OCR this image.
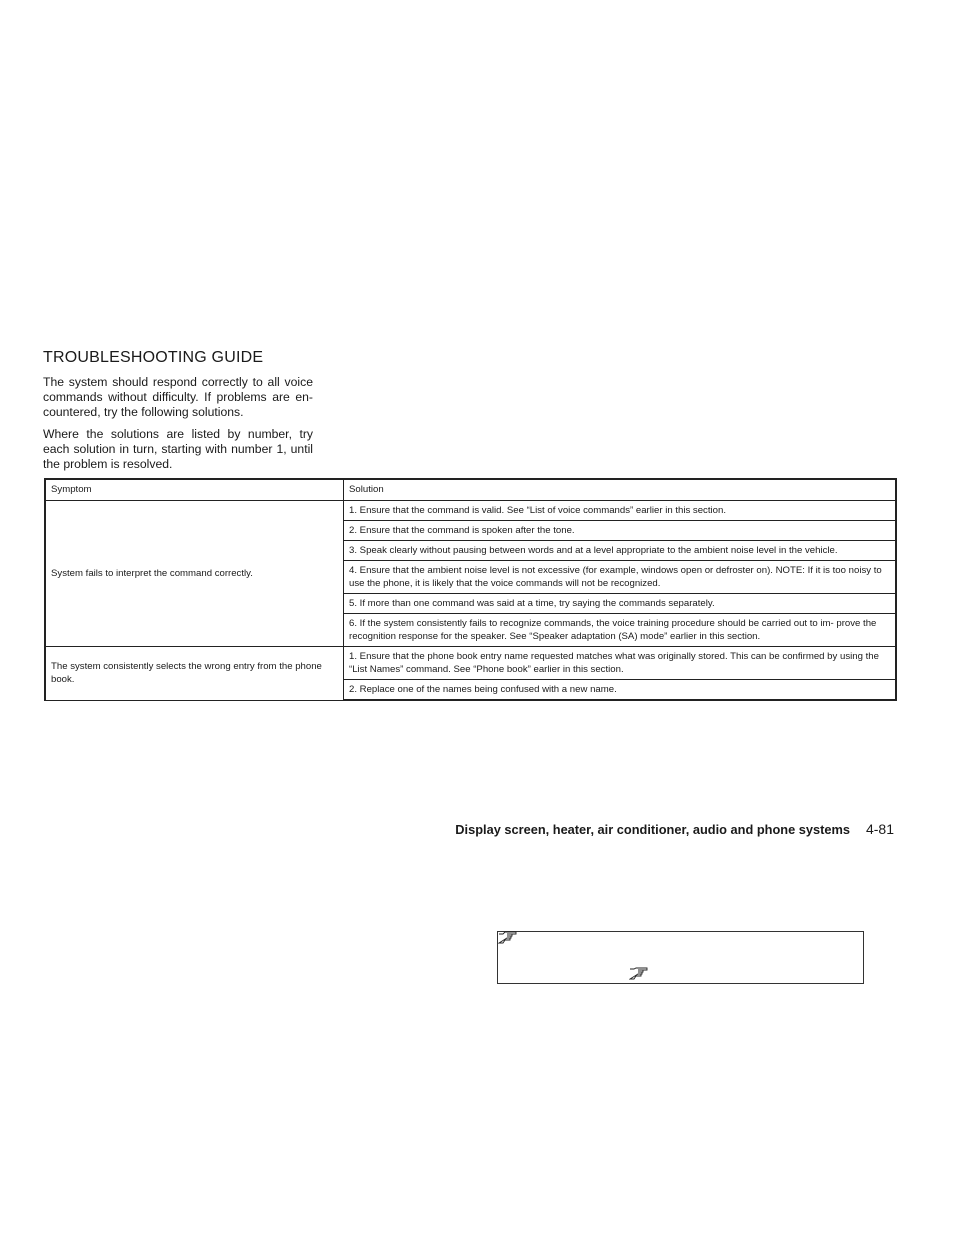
TROUBLESHOOTING GUIDE

The system should respond correctly to all voice commands without difficulty. If problems are en- countered, try the following solutions.

Where the solutions are listed by number, try each solution in turn, starting with number 1, until the problem is resolved.

Symptom	Solution
System fails to interpret the command correctly.	1. Ensure that the command is valid. See “List of voice commands” earlier in this section.
	2. Ensure that the command is spoken after the tone.
	3. Speak clearly without pausing between words and at a level appropriate to the ambient noise level in the vehicle.
	4. Ensure that the ambient noise level is not excessive (for example, windows open or defroster on). NOTE: If it is too noisy to use the phone, it is likely that the voice commands will not be recognized.
	5. If more than one command was said at a time, try saying the commands separately.
	6. If the system consistently fails to recognize commands, the voice training procedure should be carried out to im- prove the recognition response for the speaker. See “Speaker adaptation (SA) mode” earlier in this section.
The system consistently selects the wrong entry from the phone book.	1. Ensure that the phone book entry name requested matches what was originally stored. This can be confirmed by using the “List Names” command. See “Phone book” earlier in this section.
	2. Replace one of the names being confused with a new name.
Display screen, heater, air conditioner, audio and phone systems 4-81
